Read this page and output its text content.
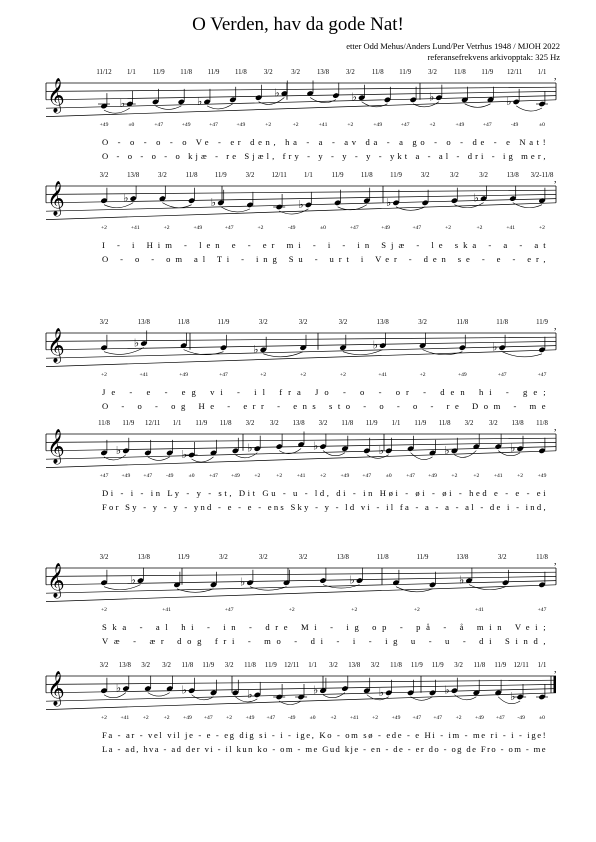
O Verden, hav da gode Nat!
etter Odd Mehus/Anders Lund/Per Vetrhus 1948 / MJOH 2022
referansefrekvens arkivopptak: 325 Hz
𝄞
,
♭	♭
♭	♭	♭	♭
11/12 1/1	11/9 11/8 11/9 11/8	3/2	3/2 13/8 3/2	11/8 11/9	3/2	11/8 11/9 12/11 1/1
+49	±0	+47	+49	+47	+49	+2	+2	+41	+2	+49	+47	+2	+49	+47	-49	±0
O - o - o - o Ve - er den, ha - a - av da - a go - o - de - e Nat!
O - o - o - o kjæ - re Sjæl, fry - y - y - y - ykt a - al - dri - ig mer,
𝄞
,
♭	♭	♭	♭	♭
3/2	13/8	3/2	11/8	11/9	3/2	12/11	1/1	11/9	11/8	11/9	3/2	3/2	3/2	13/8 3/2-11/8
+2	+41	+2	+49	+47	+2	-49	±0	+47	+49	+47	+2	+2	+41	+2
I - i Him - len e - er mi - i - in Sjæ - le ska - a - at
O - o - om al Ti - ing Su - urt i Ver - den se - e - er,
𝄞
,
♭	♭	♭	♭
3/2	13/8	11/8	11/9	3/2	3/2	3/2	13/8	3/2	11/8	11/8	11/9
+2	+41	+49	+47	+2	+2	+2	+41	+2	+49	+47	+47
Je - e - eg vi - il fra Jo - o - or - den hi - ge;
O - o - og He - err - ens sto - o - o - re Dom - me
𝄞
,
♭	♭	♭	♭	♭	♭	♭
11/8 11/9 12/11 1/1 11/9 11/8 3/2 3/2 13/8 3/2 11/8 11/9 1/1 11/9 11/8 3/2 3/2 13/8 11/8
+47 +49 +47 -49	±0	+47 +49	+2	+2	+41	+2	+49 +47	±0	+47 +49	+2	+2	+41	+2	+49
Di - i - in Ly - y - st, Dit Gu - u - ld, di - in Høi - øi - øi - hed e - e - ei
For Sy - y - y - ynd - e - e - ens Sky - y - ld vi - il fa - a - a - al - de i - ind,
𝄞
,
♭	♭	♭	♭
3/2	13/8	11/9	3/2	3/2	3/2	13/8	11/8	11/9	13/8	3/2	11/8
+2	+41	+47	+2	+2	+2	+41	+47
Ska - al hi - in - dre Mi - ig op - på - å min Vei;
Væ - ær dog fri - mo - di - i - ig u - u - di Sind,
𝄞
,
♭	♭	♭	♭	♭	♭	♭
3/2 13/8 3/2 3/2 11/8 11/9 3/2 11/8 11/9 12/11 1/1 3/2 13/8 3/2 11/8 11/9 11/9 3/2 11/8 11/9 12/11 1/1
+2 +41 +2	+2 +49 +47 +2 +49 +47 -49	±0	+2 +41 +2 +49 +47 +47 +2 +49 +47 -49	±0
Fa - ar - vel vil je - e - eg dig si - i - ige, Ko - om sø - ede - e Hi - im - me ri - i - ige!
La - ad, hva - ad der vi - il kun ko - om - me Gud kje - en - de - er do - og de Fro - om - me
